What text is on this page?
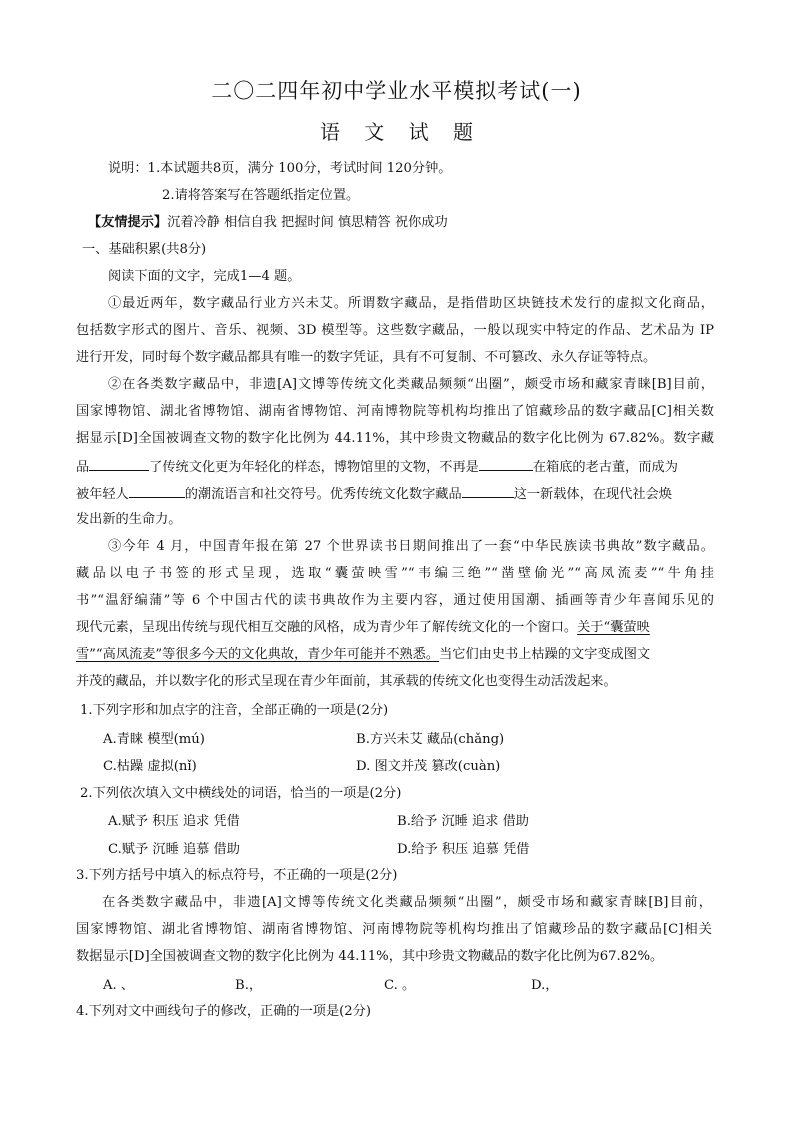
二〇二四年初中学业水平模拟考试(一)
语 文 试 题
说明：1.本试题共8页，满分 100分，考试时间 120分钟。
2.请将答案写在答题纸指定位置。
【友情提示】沉着冷静 相信自我 把握时间 慎思精答 祝你成功
一、基础积累(共8分)
阅读下面的文字，完成1—4 题。
①最近两年，数字藏品行业方兴未艾。所谓数字藏品，是指借助区块链技术发行的虚拟文化商品，
包括数字形式的图片、音乐、视频、3D 模型等。这些数字藏品，一般以现实中特定的作品、艺术品为 IP
进行开发，同时每个数字藏品都具有唯一的数字凭证，具有不可复制、不可篡改、永久存证等特点。
②在各类数字藏品中，非遗[A]文博等传统文化类藏品频频“出圈”，颇受市场和藏家青睐[B]目前，
国家博物馆、湖北省博物馆、湖南省博物馆、河南博物院等机构均推出了馆藏珍品的数字藏品[C]相关数
据显示[D]全国被调查文物的数字化比例为 44.11%，其中珍贵文物藏品的数字化比例为 67.82%。数字藏
品	了传统文化更为年轻化的样态，博物馆里的文物，不再是	在箱底的老古董，而成为
被年轻人	的潮流语言和社交符号。优秀传统文化数字藏品	这一新载体，在现代社会焕
发出新的生命力。
③今年 4 月，中国青年报在第 27 个世界读书日期间推出了一套“中华民族读书典故”数字藏品。
藏品以电子书签的形式呈现，选取“囊萤映雪”“韦编三绝”“凿壁偷光”“高凤流麦”“牛角挂
书”“温舒编蒲”等 6 个中国古代的读书典故作为主要内容，通过使用国潮、插画等青少年喜闻乐见的
现代元素，呈现出传统与现代相互交融的风格，成为青少年了解传统文化的一个窗口。关于“囊萤映
雪”“高凤流麦”等很多今天的文化典故，青少年可能并不熟悉。当它们由史书上枯躁的文字变成图文
并茂的藏品，并以数字化的形式呈现在青少年面前，其承载的传统文化也变得生动活泼起来。
1.下列字形和加点字的注音，全部正确的一项是(2分)
A.青睐 模型(mú)	B.方兴未艾 藏品(chǎng)
C.枯躁 虚拟(nǐ)	D. 图文并茂 篡改(cuàn)
2.下列依次填入文中横线处的词语，恰当的一项是(2分)
A.赋予 积压 追求 凭借	B.给予 沉睡 追求 借助
C.赋予 沉睡 追慕 借助	D.给予 积压 追慕 凭借
3.下列方括号中填入的标点符号，不正确的一项是(2分)
在各类数字藏品中，非遗[A]文博等传统文化类藏品频频“出圈”，颇受市场和藏家青睐[B]目前，
国家博物馆、湖北省博物馆、湖南省博物馆、河南博物院等机构均推出了馆藏珍品的数字藏品[C]相关
数据显示[D]全国被调查文物的数字化比例为 44.11%，其中珍贵文物藏品的数字化比例为67.82%。
A. 、	B.，	C. 。	D.，
4.下列对文中画线句子的修改，正确的一项是(2分)
